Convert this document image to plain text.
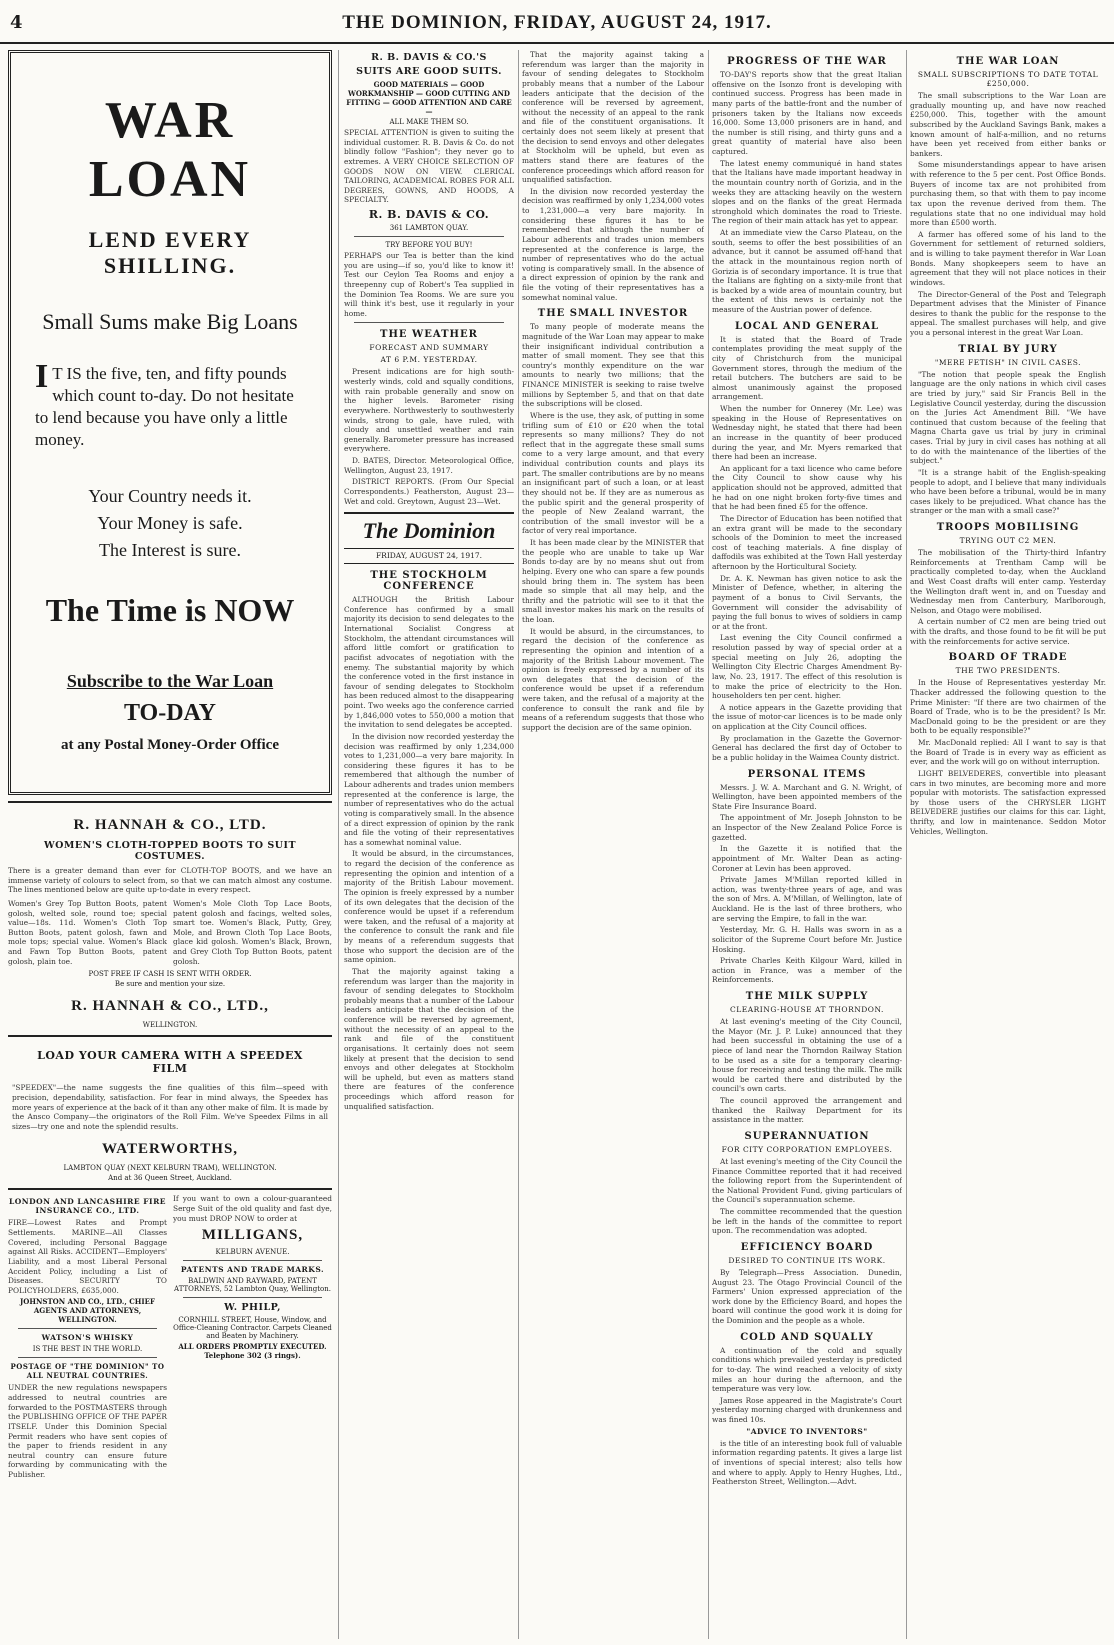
4	THE DOMINION, FRIDAY, AUGUST 24, 1917.
WAR LOAN
LEND EVERY SHILLING.
Small Sums make Big Loans
I T IS the five, ten, and fifty pounds which count to-day. Do not hesitate to lend because you have only a little money.
Your Country needs it.
Your Money is safe.
The Interest is sure.
The Time is NOW
Subscribe to the War Loan
TO-DAY
at any Postal Money-Order Office
R. HANNAH & CO., LTD.
WOMEN'S CLOTH-TOPPED BOOTS TO SUIT COSTUMES.
There is a greater demand than ever for CLOTH-TOP BOOTS, and we have an immense variety of colours to select from, so that we can match almost any costume. The lines mentioned below are quite up-to-date in every respect.
Women's Grey Top Button Boots, patent golosh, welted sole, round toe; special value—18s. 11d. Women's Cloth Top Button Boots, patent golosh, fawn and mole tops; special value. Women's Black and Fawn Top Button Boots, patent golosh, plain toe.
Women's Mole Cloth Top Lace Boots, patent golosh and facings, welted soles, smart toe. Women's Black, Putty, Grey, Mole, and Brown Cloth Top Lace Boots, glace kid golosh. Women's Black, Brown, and Grey Cloth Top Button Boots, patent golosh.
POST FREE IF CASH IS SENT WITH ORDER.
Be sure and mention your size.
R. HANNAH & CO., LTD.,
WELLINGTON.
LOAD YOUR CAMERA WITH A SPEEDEX FILM
"SPEEDEX"—the name suggests the fine qualities of this film—speed with precision, dependability, satisfaction. For fear in mind always, the Speedex has more years of experience at the back of it than any other make of film. It is made by the Ansco Company—the originators of the Roll Film. We've Speedex Films in all sizes—try one and note the splendid results.
WATERWORTHS,
LAMBTON QUAY (NEXT KELBURN TRAM), WELLINGTON.
And at 36 Queen Street, Auckland.
LONDON AND LANCASHIRE FIRE INSURANCE CO., LTD.
FIRE—Lowest Rates and Prompt Settlements. MARINE—All Classes Covered, including Personal Baggage against All Risks. ACCIDENT—Employers' Liability, and a most Liberal Personal Accident Policy, including a List of Diseases. SECURITY TO POLICYHOLDERS, £635,000.
JOHNSTON AND CO., LTD., CHIEF AGENTS AND ATTORNEYS, WELLINGTON.
WATSON'S WHISKY
IS THE BEST IN THE WORLD.
POSTAGE OF "THE DOMINION" TO ALL NEUTRAL COUNTRIES.
UNDER the new regulations newspapers addressed to neutral countries are forwarded to the POSTMASTERS through the PUBLISHING OFFICE OF THE PAPER ITSELF. Under this Dominion Special Permit readers who have sent copies of the paper to friends resident in any neutral country can ensure future forwarding by communicating with the Publisher.
If you want to own a colour-guaranteed Serge Suit of the old quality and fast dye, you must DROP NOW to order at
MILLIGANS,
KELBURN AVENUE.
PATENTS AND TRADE MARKS.
BALDWIN AND RAYWARD, PATENT ATTORNEYS, 52 Lambton Quay, Wellington.
W. PHILP,
CORNHILL STREET, House, Window, and Office-Cleaning Contractor. Carpets Cleaned and Beaten by Machinery.
ALL ORDERS PROMPTLY EXECUTED. Telephone 302 (3 rings).
R. B. DAVIS & CO.'S
SUITS ARE GOOD SUITS.
GOOD MATERIALS — GOOD WORKMANSHIP — GOOD CUTTING AND FITTING — GOOD ATTENTION AND CARE—
ALL MAKE THEM SO.
SPECIAL ATTENTION is given to suiting the individual customer. R. B. Davis & Co. do not blindly follow "Fashion"; they never go to extremes. A VERY CHOICE SELECTION OF GOODS NOW ON VIEW. CLERICAL TAILORING, ACADEMICAL ROBES FOR ALL DEGREES, GOWNS, AND HOODS, A SPECIALTY.
R. B. DAVIS & CO.
361 LAMBTON QUAY.
TRY BEFORE YOU BUY!
PERHAPS our Tea is better than the kind you are using—if so, you'd like to know it! Test our Ceylon Tea Rooms and enjoy a threepenny cup of Robert's Tea supplied in the Dominion Tea Rooms. We are sure you will think it's best, use it regularly in your home.
THE WEATHER
FORECAST AND SUMMARY
AT 6 P.M. YESTERDAY.

Present indications are for high south-westerly winds, cold and squally conditions, with rain probable generally and snow on the higher levels. Barometer rising everywhere. Northwesterly to southwesterly winds, strong to gale, have ruled, with cloudy and unsettled weather and rain generally. Barometer pressure has increased everywhere.

D. BATES, Director. Meteorological Office, Wellington, August 23, 1917.

DISTRICT REPORTS. (From Our Special Correspondents.) Featherston, August 23—Wet and cold. Greytown, August 23—Wet.

The Dominion
FRIDAY, AUGUST 24, 1917.
THE STOCKHOLM CONFERENCE

ALTHOUGH the British Labour Conference has confirmed by a small majority its decision to send delegates to the International Socialist Congress at Stockholm, the attendant circumstances will afford little comfort or gratification to pacifist advocates of negotiation with the enemy. The substantial majority by which the conference voted in the first instance in favour of sending delegates to Stockholm has been reduced almost to the disappearing point. Two weeks ago the conference carried by 1,846,000 votes to 550,000 a motion that the invitation to send delegates be accepted.

In the division now recorded yesterday the decision was reaffirmed by only 1,234,000 votes to 1,231,000—a very bare majority. In considering these figures it has to be remembered that although the number of Labour adherents and trades union members represented at the conference is large, the number of representatives who do the actual voting is comparatively small. In the absence of a direct expression of opinion by the rank and file the voting of their representatives has a somewhat nominal value.

It would be absurd, in the circumstances, to regard the decision of the conference as representing the opinion and intention of a majority of the British Labour movement. The opinion is freely expressed by a number of its own delegates that the decision of the conference would be upset if a referendum were taken, and the refusal of a majority at the conference to consult the rank and file by means of a referendum suggests that those who support the decision are of the same opinion.

That the majority against taking a referendum was larger than the majority in favour of sending delegates to Stockholm probably means that a number of the Labour leaders anticipate that the decision of the conference will be reversed by agreement, without the necessity of an appeal to the rank and file of the constituent organisations. It certainly does not seem likely at present that the decision to send envoys and other delegates at Stockholm will be upheld, but even as matters stand there are features of the conference proceedings which afford reason for unqualified satisfaction.

That the majority against taking a referendum was larger than the majority in favour of sending delegates to Stockholm probably means that a number of the Labour leaders anticipate that the decision of the conference will be reversed by agreement, without the necessity of an appeal to the rank and file of the constituent organisations. It certainly does not seem likely at present that the decision to send envoys and other delegates at Stockholm will be upheld, but even as matters stand there are features of the conference proceedings which afford reason for unqualified satisfaction.

In the division now recorded yesterday the decision was reaffirmed by only 1,234,000 votes to 1,231,000—a very bare majority. In considering these figures it has to be remembered that although the number of Labour adherents and trades union members represented at the conference is large, the number of representatives who do the actual voting is comparatively small. In the absence of a direct expression of opinion by the rank and file the voting of their representatives has a somewhat nominal value.

THE SMALL INVESTOR

To many people of moderate means the magnitude of the War Loan may appear to make their insignificant individual contribution a matter of small moment. They see that this country's monthly expenditure on the war amounts to nearly two millions; that the FINANCE MINISTER is seeking to raise twelve millions by September 5, and that on that date the subscriptions will be closed.

Where is the use, they ask, of putting in some trifling sum of £10 or £20 when the total represents so many millions? They do not reflect that in the aggregate these small sums come to a very large amount, and that every individual contribution counts and plays its part. The smaller contributions are by no means an insignificant part of such a loan, or at least they should not be. If they are as numerous as the public spirit and the general prosperity of the people of New Zealand warrant, the contribution of the small investor will be a factor of very real importance.

It has been made clear by the MINISTER that the people who are unable to take up War Bonds to-day are by no means shut out from helping. Every one who can spare a few pounds should bring them in. The system has been made so simple that all may help, and the thrifty and the patriotic will see to it that the small investor makes his mark on the results of the loan.

It would be absurd, in the circumstances, to regard the decision of the conference as representing the opinion and intention of a majority of the British Labour movement. The opinion is freely expressed by a number of its own delegates that the decision of the conference would be upset if a referendum were taken, and the refusal of a majority at the conference to consult the rank and file by means of a referendum suggests that those who support the decision are of the same opinion.

PROGRESS OF THE WAR

TO-DAY'S reports show that the great Italian offensive on the Isonzo front is developing with continued success. Progress has been made in many parts of the battle-front and the number of prisoners taken by the Italians now exceeds 16,000. Some 13,000 prisoners are in hand, and the number is still rising, and thirty guns and a great quantity of material have also been captured.

The latest enemy communiqué in hand states that the Italians have made important headway in the mountain country north of Gorizia, and in the weeks they are attacking heavily on the western slopes and on the flanks of the great Hermada stronghold which dominates the road to Trieste. The region of their main attack has yet to appear.

At an immediate view the Carso Plateau, on the south, seems to offer the best possibilities of an advance, but it cannot be assumed off-hand that the attack in the mountainous region north of Gorizia is of secondary importance. It is true that the Italians are fighting on a sixty-mile front that is backed by a wide area of mountain country, but the extent of this news is certainly not the measure of the Austrian power of defence.

LOCAL AND GENERAL

It is stated that the Board of Trade contemplates providing the meat supply of the city of Christchurch from the municipal Government stores, through the medium of the retail butchers. The butchers are said to be almost unanimously against the proposed arrangement.

When the number for Onnerey (Mr. Lee) was speaking in the House of Representatives on Wednesday night, he stated that there had been an increase in the quantity of beer produced during the year, and Mr. Myers remarked that there had been an increase.

An applicant for a taxi licence who came before the City Council to show cause why his application should not be approved, admitted that he had on one night broken forty-five times and that he had been fined £5 for the offence.

The Director of Education has been notified that an extra grant will be made to the secondary schools of the Dominion to meet the increased cost of teaching materials. A fine display of daffodils was exhibited at the Town Hall yesterday afternoon by the Horticultural Society.

Dr. A. K. Newman has given notice to ask the Minister of Defence, whether, in altering the payment of a bonus to Civil Servants, the Government will consider the advisability of paying the full bonus to wives of soldiers in camp or at the front.

Last evening the City Council confirmed a resolution passed by way of special order at a special meeting on July 26, adopting the Wellington City Electric Charges Amendment By-law, No. 23, 1917. The effect of this resolution is to make the price of electricity to the Hon. householders ten per cent. higher.

A notice appears in the Gazette providing that the issue of motor-car licences is to be made only on application at the City Council offices.

By proclamation in the Gazette the Governor-General has declared the first day of October to be a public holiday in the Waimea County district.

PERSONAL ITEMS

Messrs. J. W. A. Marchant and G. N. Wright, of Wellington, have been appointed members of the State Fire Insurance Board.

The appointment of Mr. Joseph Johnston to be an Inspector of the New Zealand Police Force is gazetted.

In the Gazette it is notified that the appointment of Mr. Walter Dean as acting-Coroner at Levin has been approved.

Private James M'Millan reported killed in action, was twenty-three years of age, and was the son of Mrs. A. M'Millan, of Wellington, late of Auckland. He is the last of three brothers, who are serving the Empire, to fall in the war.

Yesterday, Mr. G. H. Halls was sworn in as a solicitor of the Supreme Court before Mr. Justice Hosking.

Private Charles Keith Kilgour Ward, killed in action in France, was a member of the Reinforcements.

THE MILK SUPPLY
CLEARING-HOUSE AT THORNDON.

At last evening's meeting of the City Council, the Mayor (Mr. J. P. Luke) announced that they had been successful in obtaining the use of a piece of land near the Thorndon Railway Station to be used as a site for a temporary clearing-house for receiving and testing the milk. The milk would be carted there and distributed by the council's own carts.

The council approved the arrangement and thanked the Railway Department for its assistance in the matter.

SUPERANNUATION
FOR CITY CORPORATION EMPLOYEES.

At last evening's meeting of the City Council the Finance Committee reported that it had received the following report from the Superintendent of the National Provident Fund, giving particulars of the Council's superannuation scheme.

The committee recommended that the question be left in the hands of the committee to report upon. The recommendation was adopted.

EFFICIENCY BOARD
DESIRED TO CONTINUE ITS WORK.

By Telegraph—Press Association. Dunedin, August 23. The Otago Provincial Council of the Farmers' Union expressed appreciation of the work done by the Efficiency Board, and hopes the board will continue the good work it is doing for the Dominion and the people as a whole.

COLD AND SQUALLY

A continuation of the cold and squally conditions which prevailed yesterday is predicted for to-day. The wind reached a velocity of sixty miles an hour during the afternoon, and the temperature was very low.

James Rose appeared in the Magistrate's Court yesterday morning charged with drunkenness and was fined 10s.

"ADVICE TO INVENTORS"

is the title of an interesting book full of valuable information regarding patents. It gives a large list of inventions of special interest; also tells how and where to apply. Apply to Henry Hughes, Ltd., Featherston Street, Wellington.—Advt.

THE WAR LOAN
SMALL SUBSCRIPTIONS TO DATE TOTAL £250,000.

The small subscriptions to the War Loan are gradually mounting up, and have now reached £250,000. This, together with the amount subscribed by the Auckland Savings Bank, makes a known amount of half-a-million, and no returns have been yet received from either banks or bankers.

Some misunderstandings appear to have arisen with reference to the 5 per cent. Post Office Bonds. Buyers of income tax are not prohibited from purchasing them, so that with them to pay income tax upon the revenue derived from them. The regulations state that no one individual may hold more than £500 worth.

A farmer has offered some of his land to the Government for settlement of returned soldiers, and is willing to take payment therefor in War Loan Bonds. Many shopkeepers seem to have an agreement that they will not place notices in their windows.

The Director-General of the Post and Telegraph Department advises that the Minister of Finance desires to thank the public for the response to the appeal. The smallest purchases will help, and give you a personal interest in the great War Loan.

TRIAL BY JURY
"MERE FETISH" IN CIVIL CASES.

"The notion that people speak the English language are the only nations in which civil cases are tried by jury," said Sir Francis Bell in the Legislative Council yesterday, during the discussion on the Juries Act Amendment Bill. "We have continued that custom because of the feeling that Magna Charta gave us trial by jury in criminal cases. Trial by jury in civil cases has nothing at all to do with the maintenance of the liberties of the subject."

"It is a strange habit of the English-speaking people to adopt, and I believe that many individuals who have been before a tribunal, would be in many cases likely to be prejudiced. What chance has the stranger or the man with a small case?"

TROOPS MOBILISING
TRYING OUT C2 MEN.

The mobilisation of the Thirty-third Infantry Reinforcements at Trentham Camp will be practically completed to-day, when the Auckland and West Coast drafts will enter camp. Yesterday the Wellington draft went in, and on Tuesday and Wednesday men from Canterbury, Marlborough, Nelson, and Otago were mobilised.

A certain number of C2 men are being tried out with the drafts, and those found to be fit will be put with the reinforcements for active service.

BOARD OF TRADE
THE TWO PRESIDENTS.

In the House of Representatives yesterday Mr. Thacker addressed the following question to the Prime Minister: "If there are two chairmen of the Board of Trade, who is to be the president? Is Mr. MacDonald going to be the president or are they both to be equally responsible?"

Mr. MacDonald replied: All I want to say is that the Board of Trade is in every way as efficient as ever, and the work will go on without interruption.

LIGHT BELVEDERES, convertible into pleasant cars in two minutes, are becoming more and more popular with motorists. The satisfaction expressed by those users of the CHRYSLER LIGHT BELVEDERE justifies our claims for this car. Light, thrifty, and low in maintenance. Seddon Motor Vehicles, Wellington.
